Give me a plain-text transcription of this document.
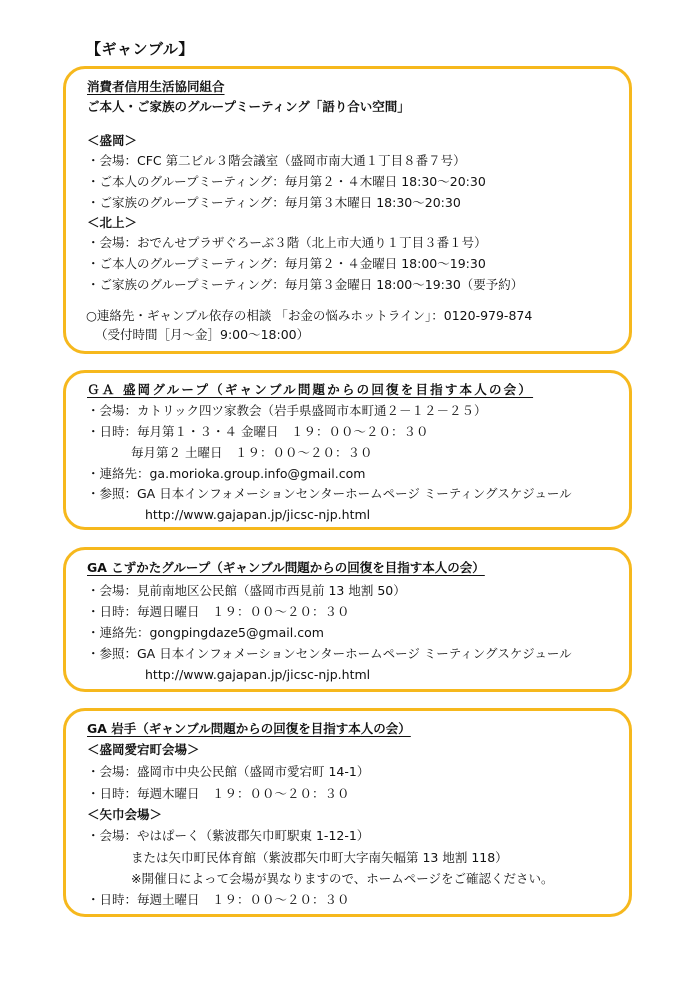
【ギャンブル】
消費者信用生活協同組合
ご本人・ご家族のグループミーティング「語り合い空間」
＜盛岡＞
・会場：CFC 第二ビル３階会議室（盛岡市南大通１丁目８番７号）
・ご本人のグループミーティング：毎月第２・４木曜日 18:30～20:30
・ご家族のグループミーティング：毎月第３木曜日 18:30～20:30
＜北上＞
・会場：おでんせプラザぐろーぶ３階（北上市大通り１丁目３番１号）
・ご本人のグループミーティング：毎月第２・４金曜日 18:00～19:30
・ご家族のグループミーティング：毎月第３金曜日 18:00～19:30（要予約）
○連絡先・ギャンブル依存の相談 「お金の悩みホットライン」：0120-979-874
（受付時間［月～金］9:00～18:00）
ＧＡ 盛岡グループ（ギャンブル問題からの回復を目指す本人の会）
・会場：カトリック四ツ家教会（岩手県盛岡市本町通２－１２－２５）
・日時：毎月第１・３・４ 金曜日　１９：００～２０：３０
毎月第２ 土曜日　１９：００～２０：３０
・連絡先：ga.morioka.group.info@gmail.com
・参照：GA 日本インフォメーションセンターホームページ ミーティングスケジュール
http://www.gajapan.jp/jicsc-njp.html
GA こずかたグループ（ギャンブル問題からの回復を目指す本人の会）
・会場：見前南地区公民館（盛岡市西見前 13 地割 50）
・日時：毎週日曜日　１９：００～２０：３０
・連絡先：gongpingdaze5@gmail.com
・参照：GA 日本インフォメーションセンターホームページ ミーティングスケジュール
http://www.gajapan.jp/jicsc-njp.html
GA 岩手（ギャンブル問題からの回復を目指す本人の会）
＜盛岡愛宕町会場＞
・会場：盛岡市中央公民館（盛岡市愛宕町 14-1）
・日時：毎週木曜日　１９：００～２０：３０
＜矢巾会場＞
・会場：やはぱーく（紫波郡矢巾町駅東 1-12-1）
または矢巾町民体育館（紫波郡矢巾町大字南矢幅第 13 地割 118）
※開催日によって会場が異なりますので、ホームページをご確認ください。
・日時：毎週土曜日　１９：００～２０：３０
